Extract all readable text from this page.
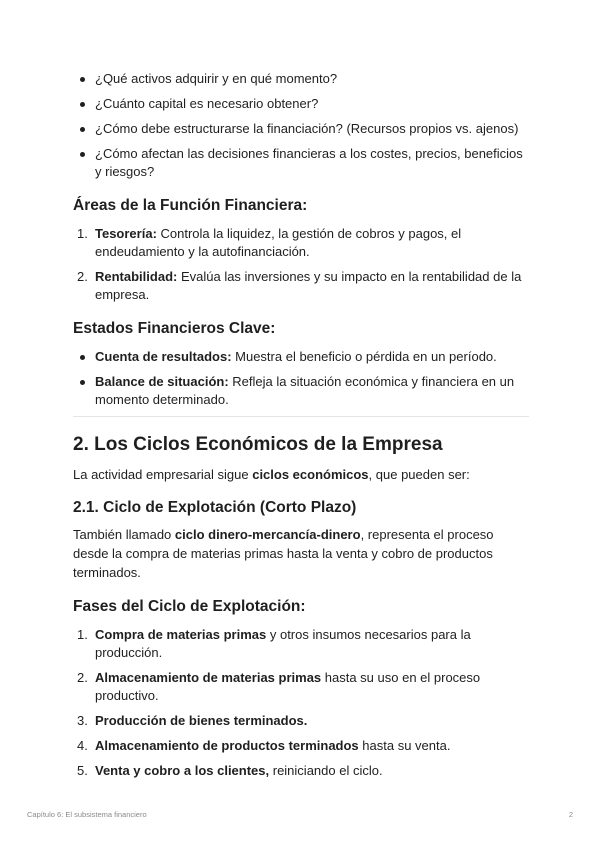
¿Qué activos adquirir y en qué momento?
¿Cuánto capital es necesario obtener?
¿Cómo debe estructurarse la financiación? (Recursos propios vs. ajenos)
¿Cómo afectan las decisiones financieras a los costes, precios, beneficios y riesgos?
Áreas de la Función Financiera:
1. Tesorería: Controla la liquidez, la gestión de cobros y pagos, el endeudamiento y la autofinanciación.
2. Rentabilidad: Evalúa las inversiones y su impacto en la rentabilidad de la empresa.
Estados Financieros Clave:
Cuenta de resultados: Muestra el beneficio o pérdida en un período.
Balance de situación: Refleja la situación económica y financiera en un momento determinado.
2. Los Ciclos Económicos de la Empresa

La actividad empresarial sigue ciclos económicos, que pueden ser:

2.1. Ciclo de Explotación (Corto Plazo)

También llamado ciclo dinero-mercancía-dinero, representa el proceso desde la compra de materias primas hasta la venta y cobro de productos terminados.

Fases del Ciclo de Explotación:
1. Compra de materias primas y otros insumos necesarios para la producción.
2. Almacenamiento de materias primas hasta su uso en el proceso productivo.
3. Producción de bienes terminados.
4. Almacenamiento de productos terminados hasta su venta.
5. Venta y cobro a los clientes, reiniciando el ciclo.
Capítulo 6: El subsistema financiero	2
